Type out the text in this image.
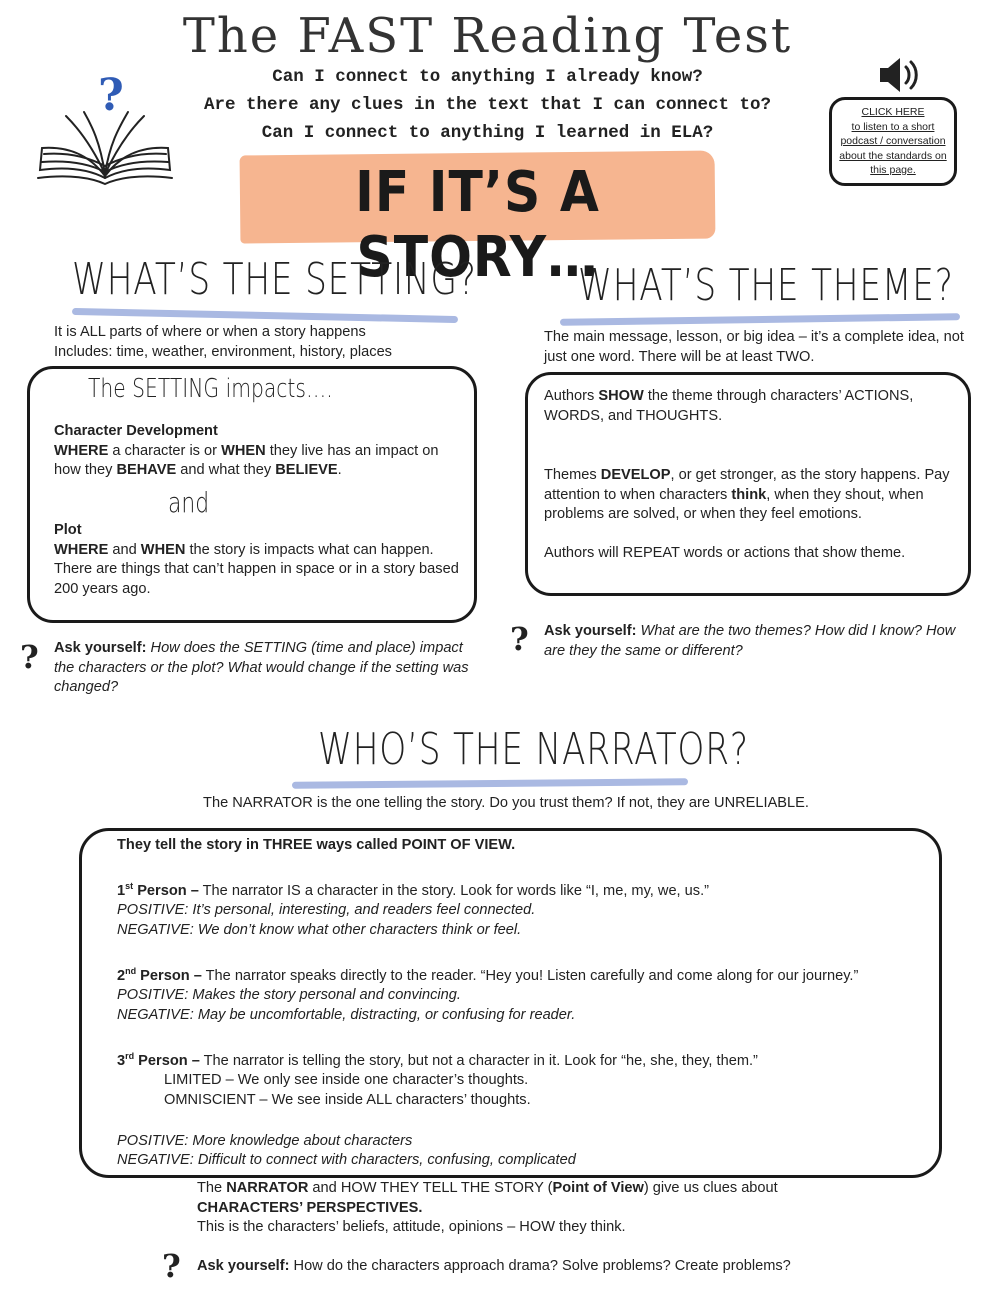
The FAST Reading Test
Can I connect to anything I already know?
Are there any clues in the text that I can connect to?
Can I connect to anything I learned in ELA?
?	CLICK HERE
to listen to a short
podcast / conversation
about the standards on
this page.
IF IT’S A STORY…
WHAT’S THE SETTING?
It is ALL parts of where or when a story happens
Includes: time, weather, environment, history, places
The SETTING impacts….
Character Development
WHERE a character is or WHEN they live has an impact on how they BEHAVE and what they BELIEVE.
and
Plot
WHERE and WHEN the story is impacts what can happen. There are things that can’t happen in space or in a story based 200 years ago.
? Ask yourself: How does the SETTING (time and place) impact the characters or the plot? What would change if the setting was changed?
WHAT’S THE THEME?
The main message, lesson, or big idea – it’s a complete idea, not just one word. There will be at least TWO.
Authors SHOW the theme through characters’ ACTIONS, WORDS, and THOUGHTS.
Themes DEVELOP, or get stronger, as the story happens. Pay attention to when characters think, when they shout, when problems are solved, or when they feel emotions.
Authors will REPEAT words or actions that show theme.
? Ask yourself: What are the two themes? How did I know? How are they the same or different?
WHO’S THE NARRATOR?
The NARRATOR is the one telling the story. Do you trust them? If not, they are UNRELIABLE.
They tell the story in THREE ways called POINT OF VIEW.
1st Person – The narrator IS a character in the story. Look for words like “I, me, my, we, us.”
POSITIVE: It’s personal, interesting, and readers feel connected.
NEGATIVE: We don’t know what other characters think or feel.
2nd Person – The narrator speaks directly to the reader. “Hey you! Listen carefully and come along for our journey.”
POSITIVE: Makes the story personal and convincing.
NEGATIVE: May be uncomfortable, distracting, or confusing for reader.
3rd Person – The narrator is telling the story, but not a character in it. Look for “he, she, they, them.”
LIMITED – We only see inside one character’s thoughts.
OMNISCIENT – We see inside ALL characters’ thoughts.
POSITIVE: More knowledge about characters
NEGATIVE: Difficult to connect with characters, confusing, complicated
The NARRATOR and HOW THEY TELL THE STORY (Point of View) give us clues about
CHARACTERS’ PERSPECTIVES.
This is the characters’ beliefs, attitude, opinions – HOW they think.
? Ask yourself: How do the characters approach drama? Solve problems? Create problems?
